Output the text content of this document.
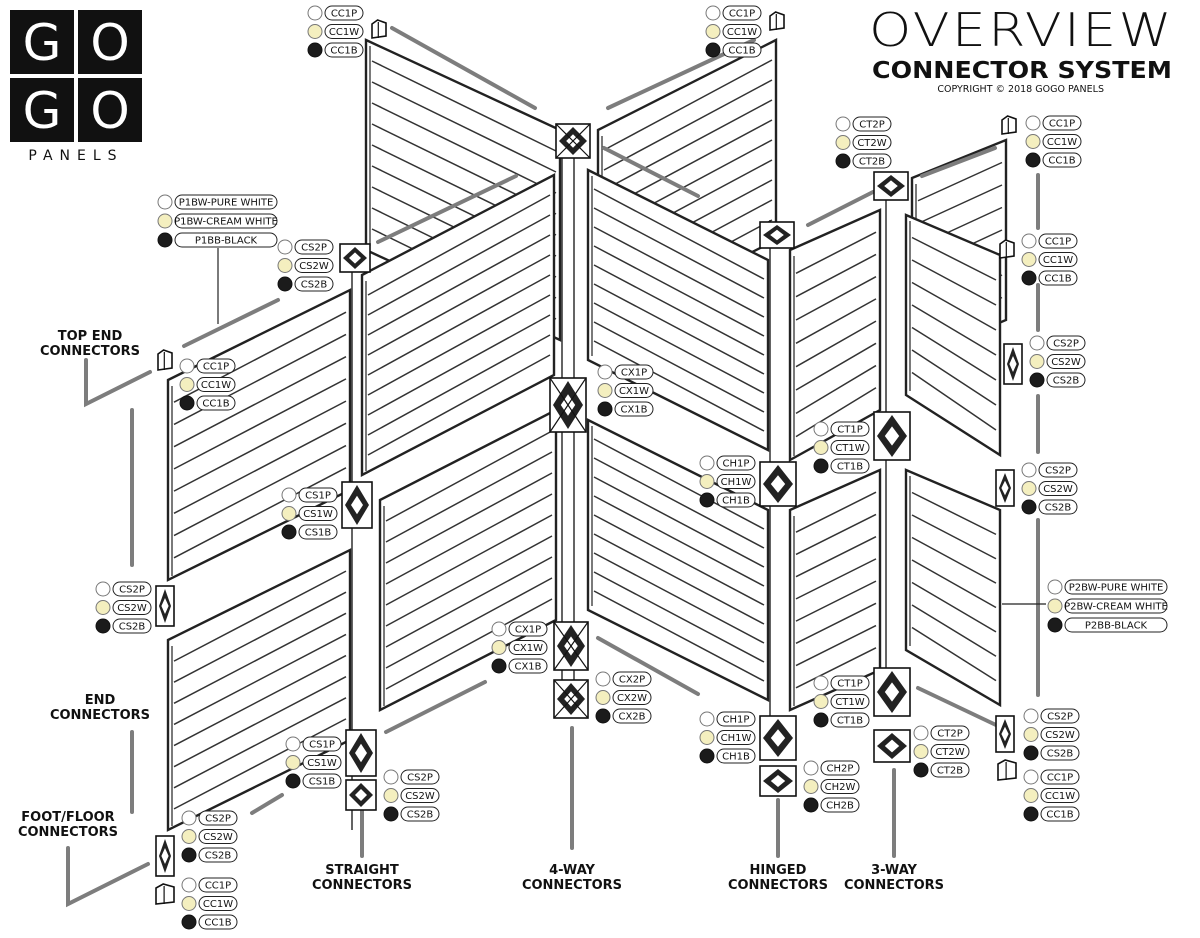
G O
G O
PANELS
OVERVIEW
CONNECTOR SYSTEM
COPYRIGHT © 2018 GOGO PANELS
TOP END
CONNECTORS
END
CONNECTORS
FOOT/FLOOR
CONNECTORS
STRAIGHT
CONNECTORS
4-WAY
CONNECTORS
HINGED
CONNECTORS
3-WAY
CONNECTORS
CC1P
CC1W
CC1B
CC1P
CC1W
CC1B
CT2P
CT2W
CT2B
CC1P
CC1W
CC1B
CC1P
CC1W
CC1B
CS2P
CS2W
CS2B
CC1P
CC1W
CC1B
CS2P
CS2W
CS2B
CX1P
CX1W
CX1B
CT1P
CT1W
CT1B
CH1P
CH1W
CH1B
CS2P
CS2W
CS2B
CS1P
CS1W
CS1B
CS2P
CS2W
CS2B	CX1P
CX1W
CX1B
CX2P
CX2W
CX2B
CT1P
CT1W
CT1B
CH1P
CH1W
CH1B
CT2P
CT2W
CT2B
CS2P
CS2W
CS2B
CS1P
CS1W
CS1B	CS2P
CS2W
CS2B
CH2P
CH2W
CH2B
CC1P
CC1W
CC1B
CS2P
CS2W
CS2B
CC1P
CC1W
CC1B
P1BW-PURE WHITE
P1BW-CREAM WHITE
P1BB-BLACK
P2BW-PURE WHITE
P2BW-CREAM WHITE
P2BB-BLACK
